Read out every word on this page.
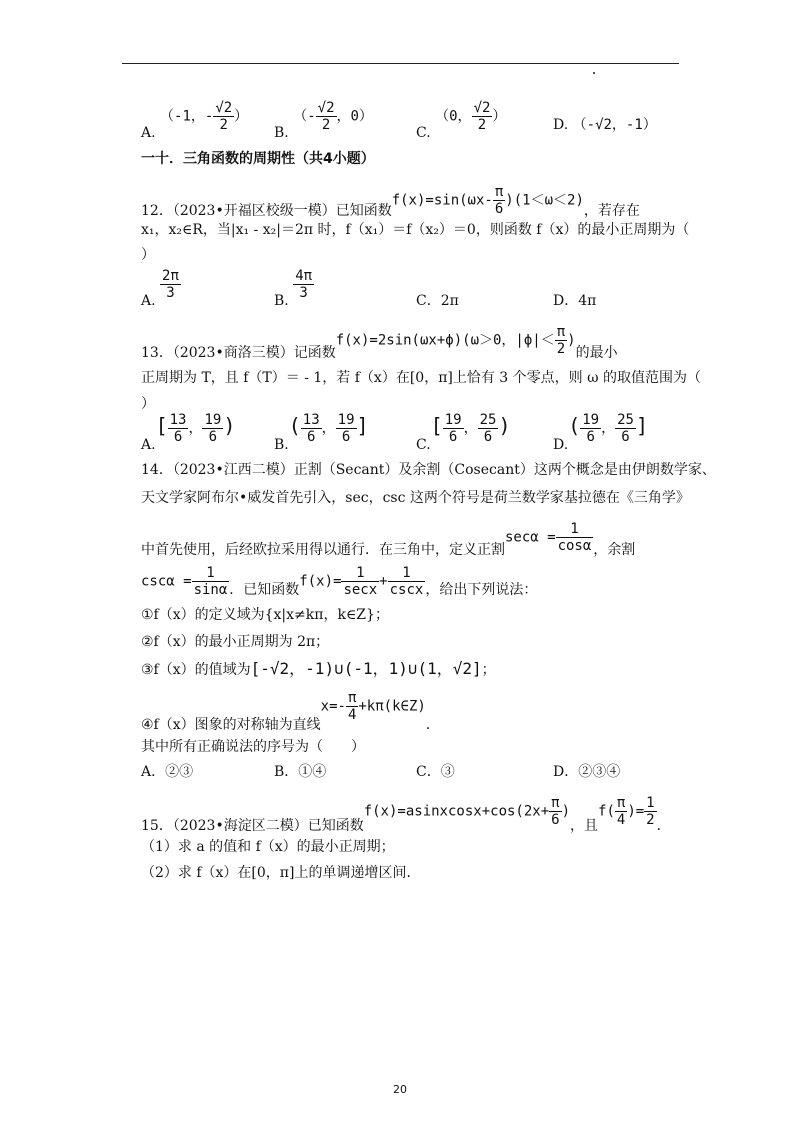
A. （-1，- $\frac{√2}{2}$ ）
B. （- $\frac{√2}{2}$ ，0）
C. （0， $\frac{√2}{2}$ ）
D. （-√2，-1）
一十．三角函数的周期性（共4小题）
12．（2023•开福区校级一模）已知函数$f(x)=\sin(\omega x- \frac{\pi}{6} )(1<\omega<2)$，若存在
x₁，x₂∈R，当|x₁ - x₂|＝2π 时，f（x₁）＝f（x₂）＝0，则函数 f（x）的最小正周期为（
）
A. $\frac{2\pi}{3}$	B. $\frac{4\pi}{3}$	C．2π	D．4π
13．（2023•商洛三模）记函数f(x)=2sin(ωx+ϕ)(ω＞0，$|\phi|< \frac{\pi}{2}$ )的最小
正周期为 T，且 f（T）＝ - 1，若 f（x）在[0，π]上恰有 3 个零点，则 ω 的取值范围为（
）
$A.[ \frac{13}{6}$ ， $\frac{19}{6}$ )
$B.( \frac{13}{6}$ ， $\frac{19}{6}$ ]
$C.[ \frac{19}{6}$ ， $\frac{25}{6}$ )
$D.( \frac{19}{6}$ ， $\frac{25}{6}$ ]
14．（2023•江西二模）正割（Secant）及余割（Cosecant）这两个概念是由伊朗数学家、
天文学家阿布尔•威发首先引入，sec，csc 这两个符号是荷兰数学家基拉德在《三角学》
中首先使用，后经欧拉采用得以通行．在三角中，定义正割$\sec\alpha = \frac{1}{\cos\alpha}$ ，余割
$\csc\alpha = \frac{1}{\sin\alpha}$ ．已知函数$f(x)= \frac{1}{\sec x} + \frac{1}{\csc x}$ ，给出下列说法：
①f（x）的定义域为{x|x≠kπ，k∈Z}；
②f（x）的最小正周期为 2π；
③f（x）的值域为[-√2，-1)∪(-1，1)∪(1，√2]；
④f（x）图象的对称轴为直线$x=- \frac{\pi}{4}$ +kπ(k∈Z)．
其中所有正确说法的序号为（　　）
A．②③	B．①④	C．③	D．②③④
15．（2023•海淀区二模）已知函数f(x)=asinxcosx+cos(2x+ $\frac{\pi}{6}$ )，且$f( \frac{\pi}{4}$ )= $\frac{1}{2}$ ．
（1）求 a 的值和 f（x）的最小正周期；
（2）求 f（x）在[0，π]上的单调递增区间．
20
